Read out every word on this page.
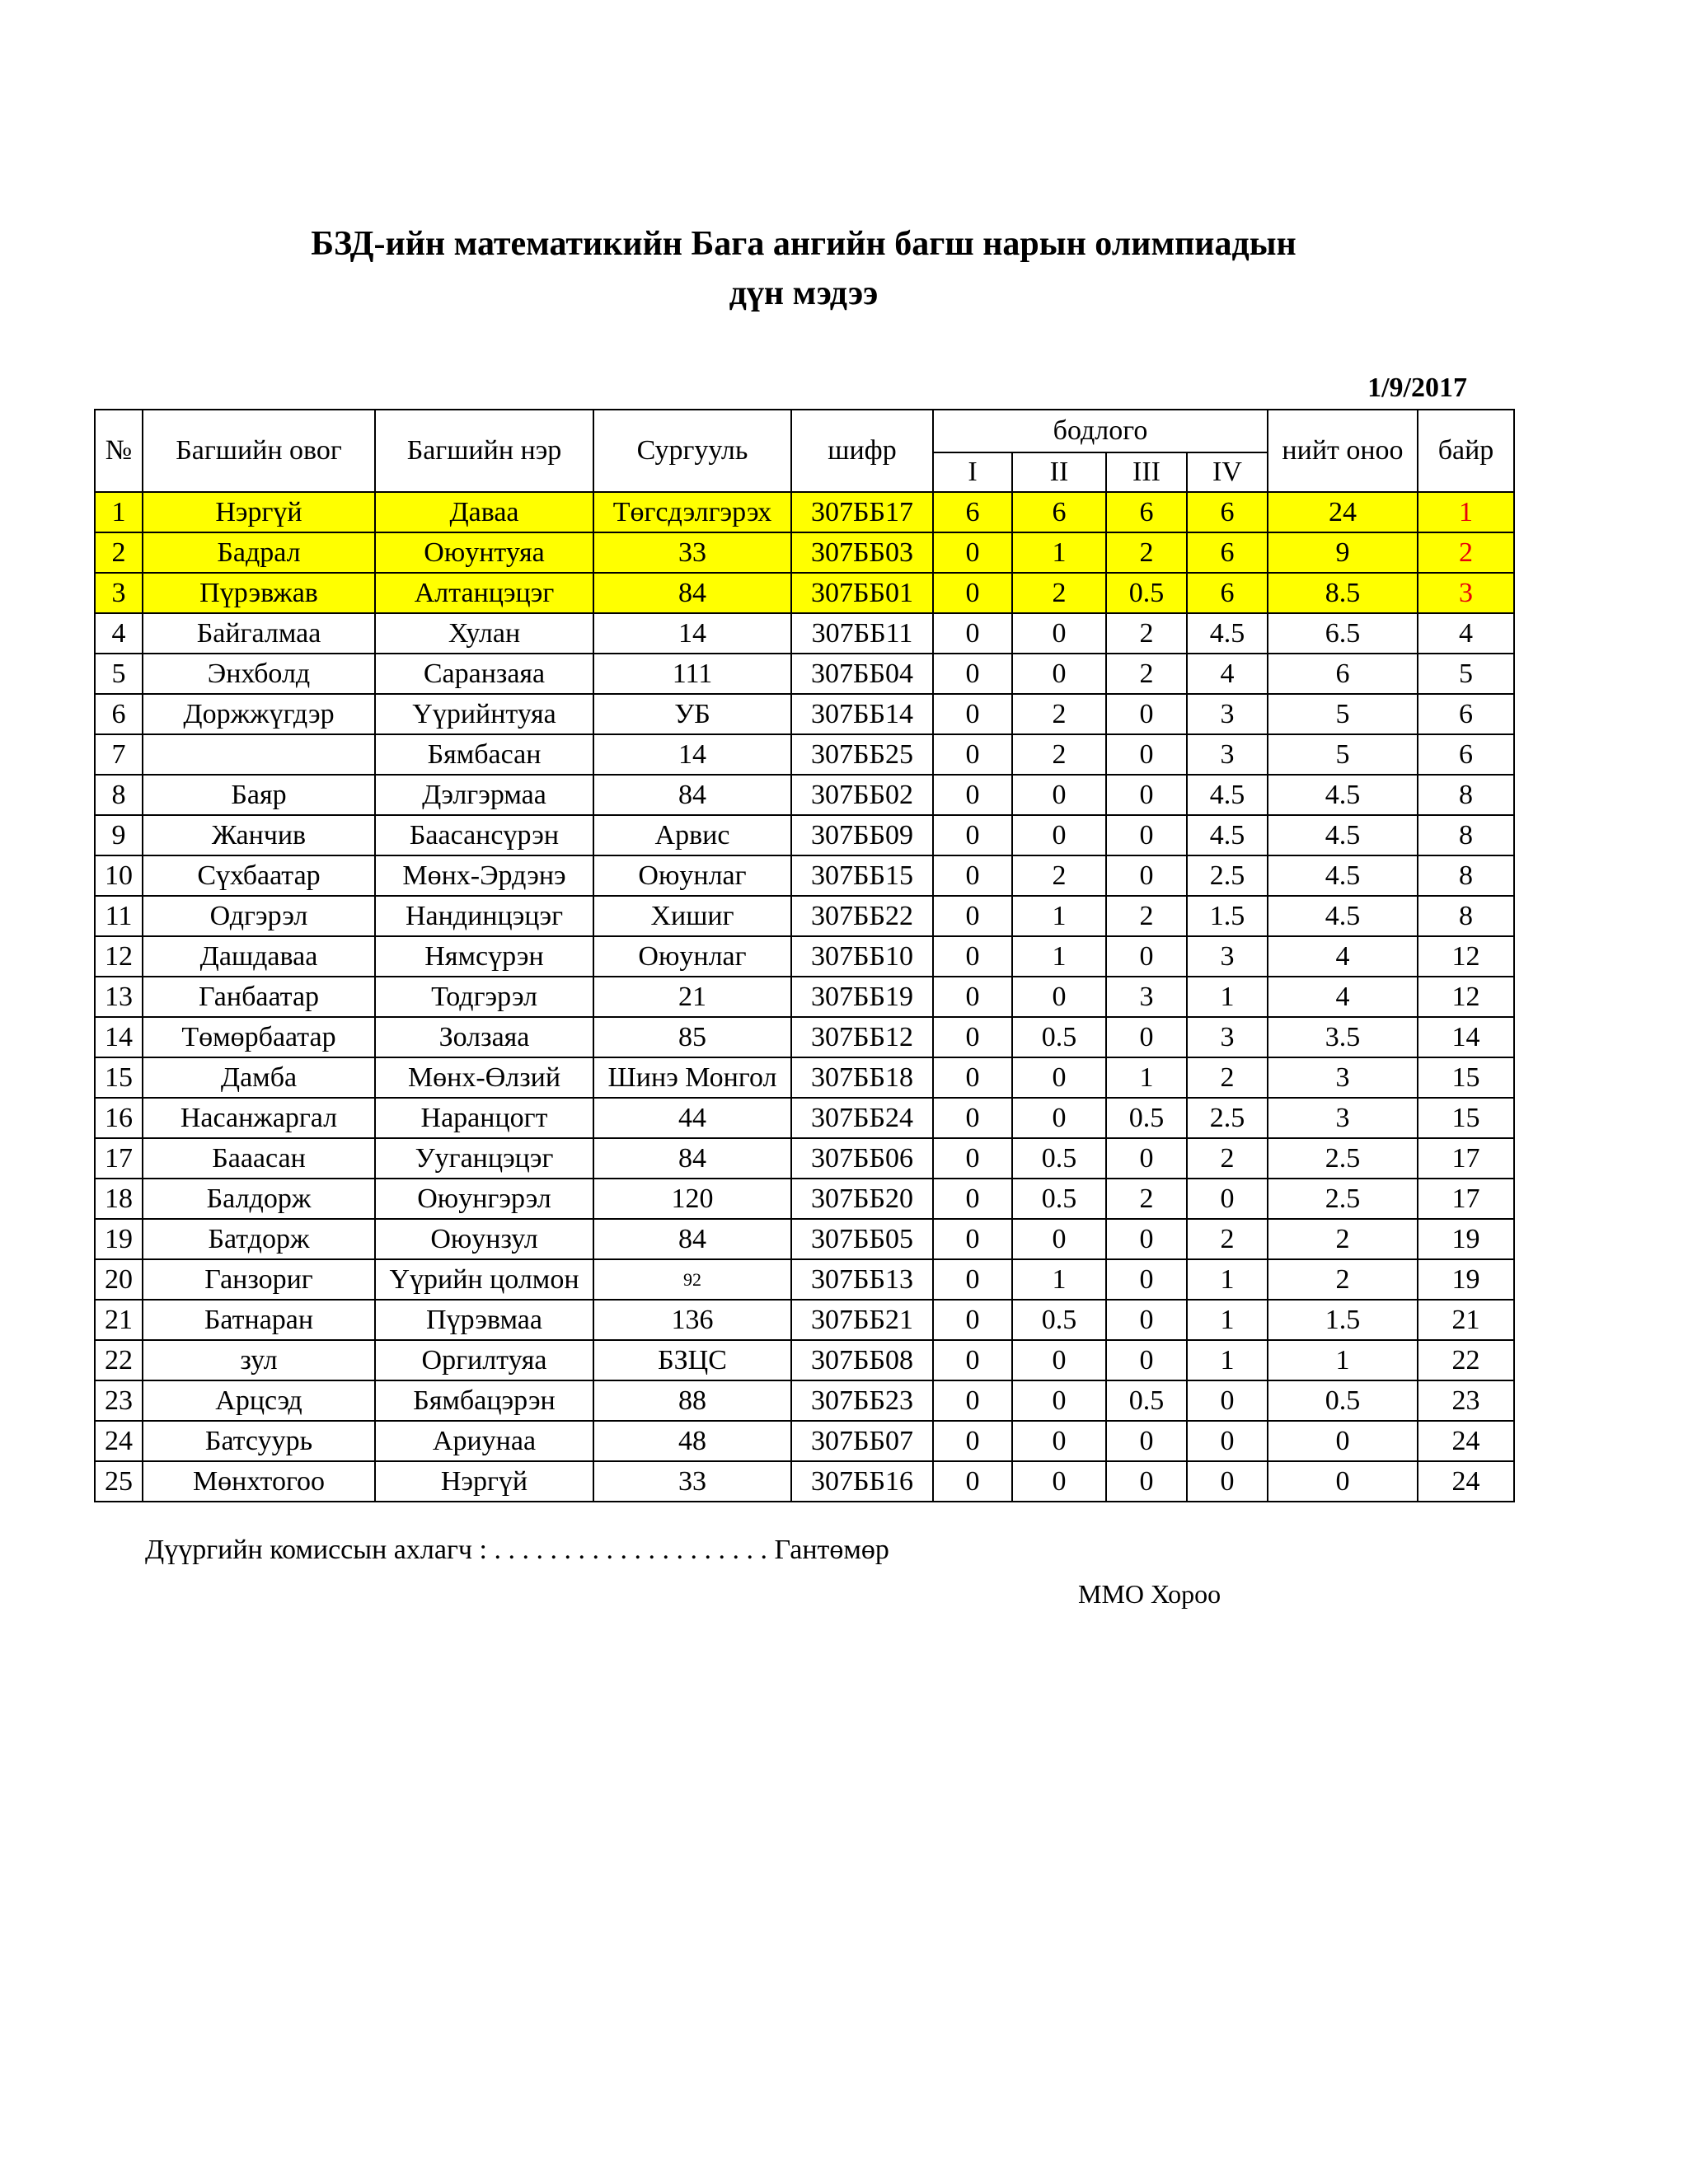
БЗД-ийн математикийн Бага ангийн багш нарын олимпиадын
дүн мэдээ
1/9/2017
№	Багшийн овог	Багшийн нэр	Сургууль	шифр	бодлого				нийт оноо	байр
					I	II	III	IV		
1	Нэргүй	Даваа	Төгсдэлгэрэх	307ББ17	6	6	6	6	24	1
2	Бадрал	Оюунтуяа	33	307ББ03	0	1	2	6	9	2
3	Пүрэвжав	Алтанцэцэг	84	307ББ01	0	2	0.5	6	8.5	3
4	Байгалмаа	Хулан	14	307ББ11	0	0	2	4.5	6.5	4
5	Энхболд	Саранзаяа	111	307ББ04	0	0	2	4	6	5
6	Доржжүгдэр	Үүрийнтуяа	УБ	307ББ14	0	2	0	3	5	6
7		Бямбасан	14	307ББ25	0	2	0	3	5	6
8	Баяр	Дэлгэрмаа	84	307ББ02	0	0	0	4.5	4.5	8
9	Жанчив	Баасансүрэн	Арвис	307ББ09	0	0	0	4.5	4.5	8
10	Сүхбаатар	Мөнх-Эрдэнэ	Оюунлаг	307ББ15	0	2	0	2.5	4.5	8
11	Одгэрэл	Нандинцэцэг	Хишиг	307ББ22	0	1	2	1.5	4.5	8
12	Дашдаваа	Нямсүрэн	Оюунлаг	307ББ10	0	1	0	3	4	12
13	Ганбаатар	Тодгэрэл	21	307ББ19	0	0	3	1	4	12
14	Төмөрбаатар	Золзаяа	85	307ББ12	0	0.5	0	3	3.5	14
15	Дамба	Мөнх-Өлзий	Шинэ Монгол	307ББ18	0	0	1	2	3	15
16	Насанжаргал	Наранцогт	44	307ББ24	0	0	0.5	2.5	3	15
17	Бааасан	Ууганцэцэг	84	307ББ06	0	0.5	0	2	2.5	17
18	Балдорж	Оюунгэрэл	120	307ББ20	0	0.5	2	0	2.5	17
19	Батдорж	Оюунзул	84	307ББ05	0	0	0	2	2	19
20	Ганзориг	Үүрийн цолмон	92	307ББ13	0	1	0	1	2	19
21	Батнаран	Пүрэвмаа	136	307ББ21	0	0.5	0	1	1.5	21
22	зул	Оргилтуяа	БЗЦС	307ББ08	0	0	0	1	1	22
23	Арцсэд	Бямбацэрэн	88	307ББ23	0	0	0.5	0	0.5	23
24	Батсуурь	Ариунаа	48	307ББ07	0	0	0	0	0	24
25	Мөнхтогоо	Нэргүй	33	307ББ16	0	0	0	0	0	24
Дүүргийн комиссын ахлагч : . . . . . . . . . . . . . . . . . . . . Гантөмөр
ММО Хороо
